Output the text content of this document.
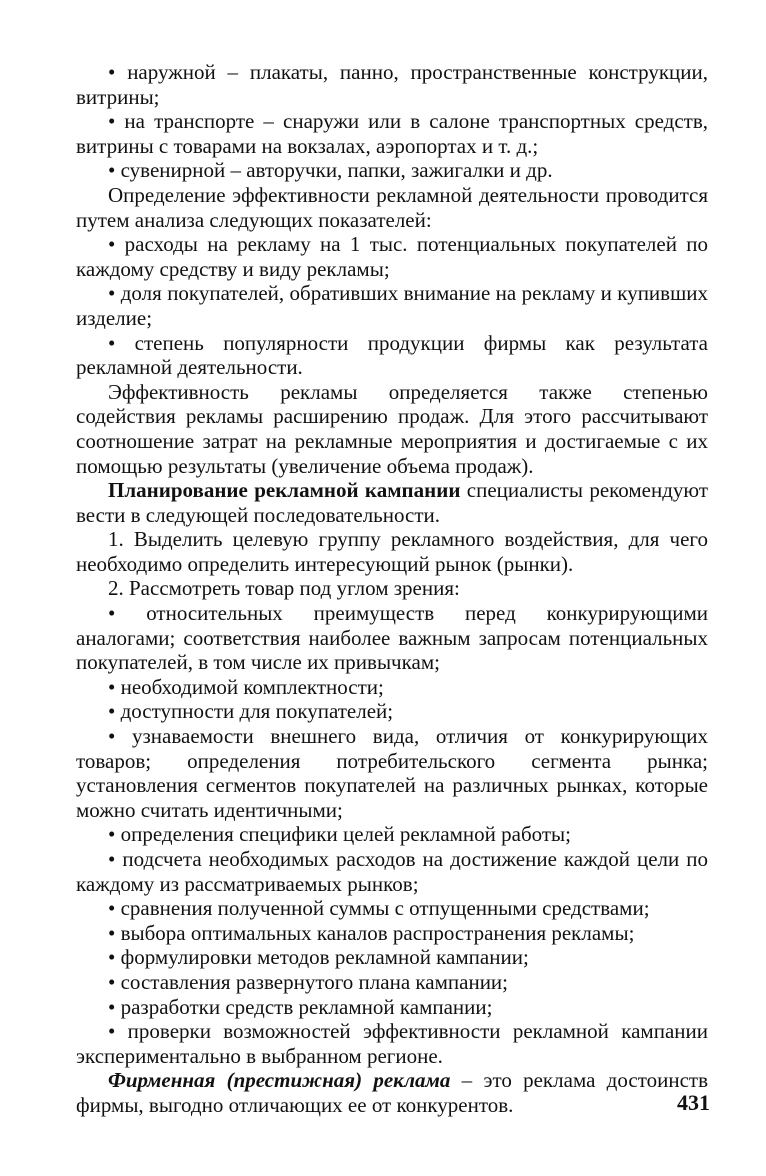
• наружной – плакаты, панно, пространственные конструкции, витрины;

• на транспорте – снаружи или в салоне транспортных средств, витрины с товарами на вокзалах, аэропортах и т. д.;

• сувенирной – авторучки, папки, зажигалки и др.

Определение эффективности рекламной деятельности проводится путем анализа следующих показателей:

• расходы на рекламу на 1 тыс. потенциальных покупателей по каждому средству и виду рекламы;

• доля покупателей, обративших внимание на рекламу и купивших изделие;

• степень популярности продукции фирмы как результата рекламной деятельности.

Эффективность рекламы определяется также степенью содействия рекламы расширению продаж. Для этого рассчитывают соотношение затрат на рекламные мероприятия и достигаемые с их помощью результаты (увеличение объема продаж).

Планирование рекламной кампании специалисты рекомендуют вести в следующей последовательности.

1. Выделить целевую группу рекламного воздействия, для чего необходимо определить интересующий рынок (рынки).

2. Рассмотреть товар под углом зрения:

• относительных преимуществ перед конкурирующими аналогами; соответствия наиболее важным запросам потенциальных покупателей, в том числе их привычкам;

• необходимой комплектности;

• доступности для покупателей;

• узнаваемости внешнего вида, отличия от конкурирующих товаров; определения потребительского сегмента рынка; установления сегментов покупателей на различных рынках, которые можно считать идентичными;

• определения специфики целей рекламной работы;

• подсчета необходимых расходов на достижение каждой цели по каждому из рассматриваемых рынков;

• сравнения полученной суммы с отпущенными средствами;

• выбора оптимальных каналов распространения рекламы;

• формулировки методов рекламной кампании;

• составления развернутого плана кампании;

• разработки средств рекламной кампании;

• проверки возможностей эффективности рекламной кампании экспериментально в выбранном регионе.

Фирменная (престижная) реклама – это реклама достоинств фирмы, выгодно отличающих ее от конкурентов.	431
